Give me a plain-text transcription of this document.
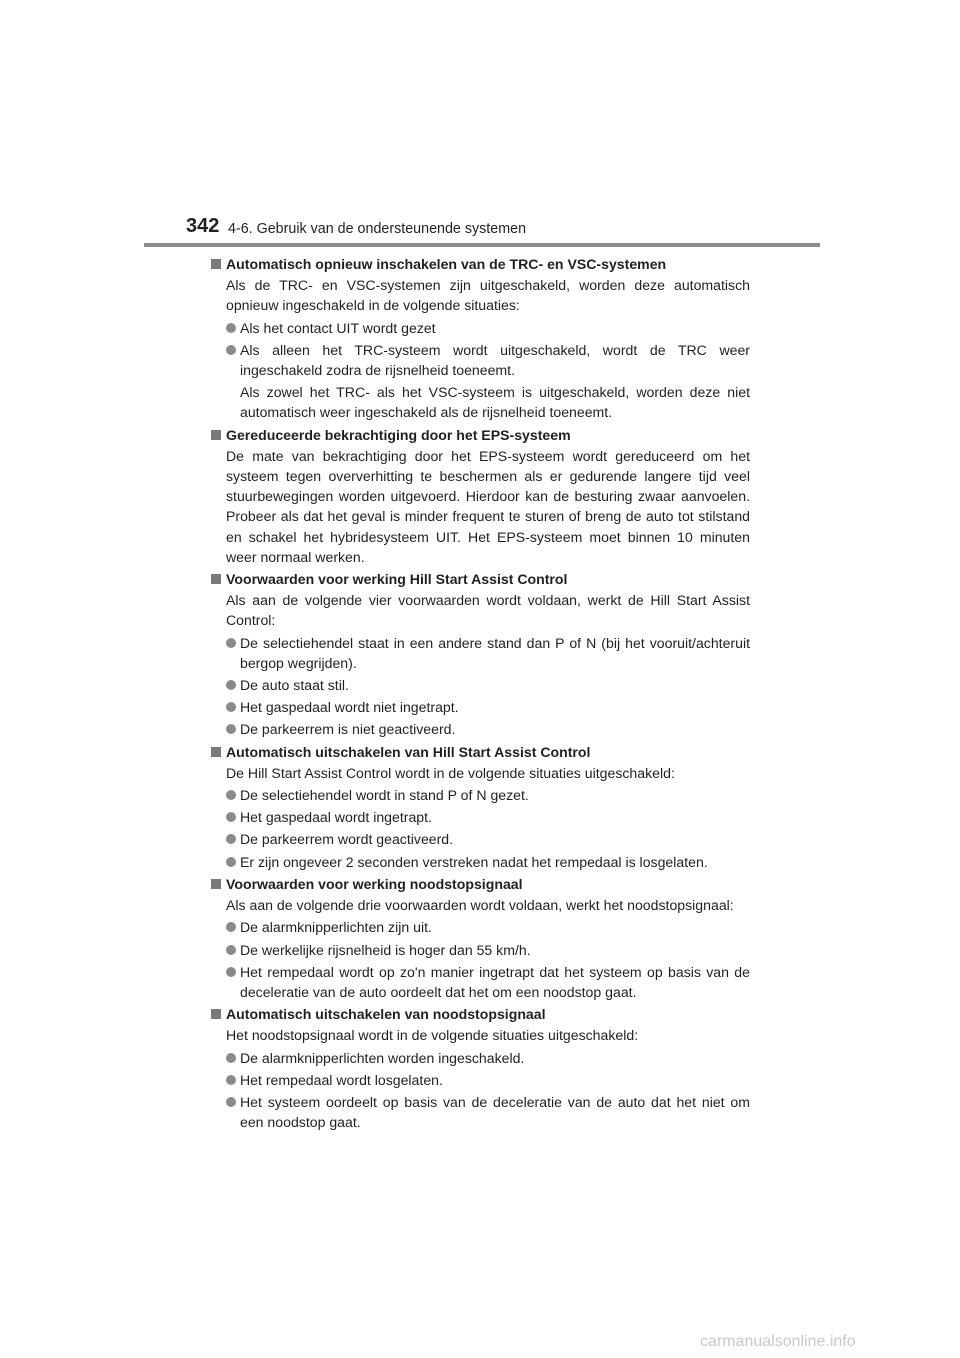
342 4-6. Gebruik van de ondersteunende systemen
Automatisch opnieuw inschakelen van de TRC- en VSC-systemen
Als de TRC- en VSC-systemen zijn uitgeschakeld, worden deze automatisch opnieuw ingeschakeld in de volgende situaties:
Als het contact UIT wordt gezet
Als alleen het TRC-systeem wordt uitgeschakeld, wordt de TRC weer ingeschakeld zodra de rijsnelheid toeneemt.
Als zowel het TRC- als het VSC-systeem is uitgeschakeld, worden deze niet automatisch weer ingeschakeld als de rijsnelheid toeneemt.
Gereduceerde bekrachtiging door het EPS-systeem
De mate van bekrachtiging door het EPS-systeem wordt gereduceerd om het systeem tegen oververhitting te beschermen als er gedurende langere tijd veel stuurbewegingen worden uitgevoerd. Hierdoor kan de besturing zwaar aanvoelen. Probeer als dat het geval is minder frequent te sturen of breng de auto tot stilstand en schakel het hybridesysteem UIT. Het EPS-systeem moet binnen 10 minuten weer normaal werken.
Voorwaarden voor werking Hill Start Assist Control
Als aan de volgende vier voorwaarden wordt voldaan, werkt de Hill Start Assist Control:
De selectiehendel staat in een andere stand dan P of N (bij het vooruit/achteruit bergop wegrijden).
De auto staat stil.
Het gaspedaal wordt niet ingetrapt.
De parkeerrem is niet geactiveerd.
Automatisch uitschakelen van Hill Start Assist Control
De Hill Start Assist Control wordt in de volgende situaties uitgeschakeld:
De selectiehendel wordt in stand P of N gezet.
Het gaspedaal wordt ingetrapt.
De parkeerrem wordt geactiveerd.
Er zijn ongeveer 2 seconden verstreken nadat het rempedaal is losgelaten.
Voorwaarden voor werking noodstopsignaal
Als aan de volgende drie voorwaarden wordt voldaan, werkt het noodstopsignaal:
De alarmknipperlichten zijn uit.
De werkelijke rijsnelheid is hoger dan 55 km/h.
Het rempedaal wordt op zo'n manier ingetrapt dat het systeem op basis van de deceleratie van de auto oordeelt dat het om een noodstop gaat.
Automatisch uitschakelen van noodstopsignaal
Het noodstopsignaal wordt in de volgende situaties uitgeschakeld:
De alarmknipperlichten worden ingeschakeld.
Het rempedaal wordt losgelaten.
Het systeem oordeelt op basis van de deceleratie van de auto dat het niet om een noodstop gaat.
carmanualsonline.info
